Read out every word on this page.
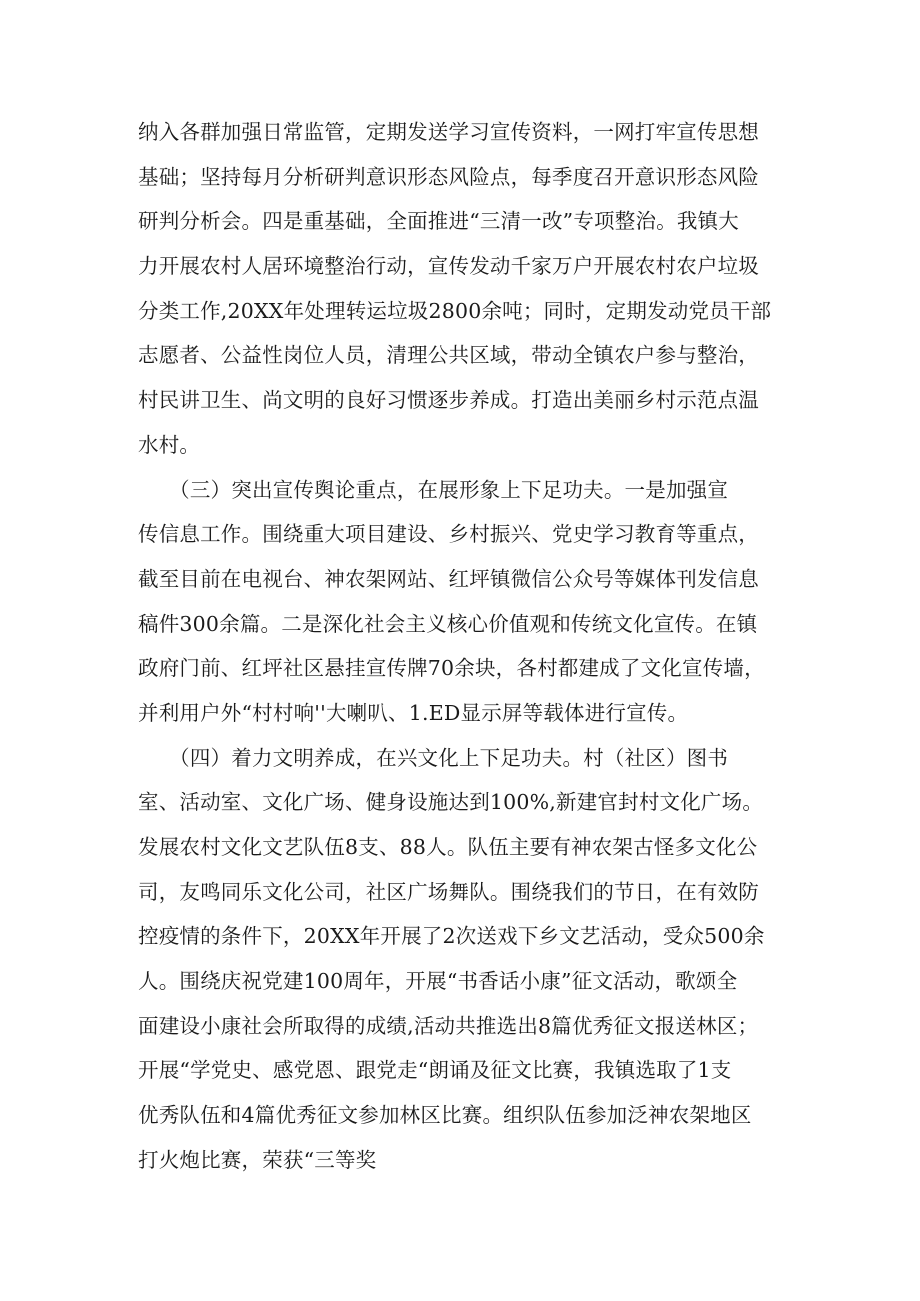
纳入各群加强日常监管，定期发送学习宣传资料，一网打牢宣传思想
基础；坚持每月分析研判意识形态风险点，每季度召开意识形态风险
研判分析会。四是重基础，全面推进“三清一改”专项整治。我镇大
力开展农村人居环境整治行动，宣传发动千家万户开展农村农户垃圾
分类工作,20XX年处理转运垃圾2800余吨；同时，定期发动党员干部
志愿者、公益性岗位人员，清理公共区域，带动全镇农户参与整治，
村民讲卫生、尚文明的良好习惯逐步养成。打造出美丽乡村示范点温
水村。
　　（三）突出宣传舆论重点，在展形象上下足功夫。一是加强宣
传信息工作。围绕重大项目建设、乡村振兴、党史学习教育等重点，
截至目前在电视台、神农架网站、红坪镇微信公众号等媒体刊发信息
稿件300余篇。二是深化社会主义核心价值观和传统文化宣传。在镇
政府门前、红坪社区悬挂宣传牌70余块，各村都建成了文化宣传墙，
并利用户外“村村响''大喇叭、1.ED显示屏等载体进行宣传。
　　（四）着力文明养成，在兴文化上下足功夫。村（社区）图书
室、活动室、文化广场、健身设施达到100%,新建官封村文化广场。
发展农村文化文艺队伍8支、88人。队伍主要有神农架古怪多文化公
司，友鸣同乐文化公司，社区广场舞队。围绕我们的节日，在有效防
控疫情的条件下，20XX年开展了2次送戏下乡文艺活动，受众500余
人。围绕庆祝党建100周年，开展“书香话小康”征文活动，歌颂全
面建设小康社会所取得的成绩,活动共推选出8篇优秀征文报送林区；
开展“学党史、感党恩、跟党走“朗诵及征文比赛，我镇选取了1支
优秀队伍和4篇优秀征文参加林区比赛。组织队伍参加泛神农架地区
打火炮比赛，荣获“三等奖
